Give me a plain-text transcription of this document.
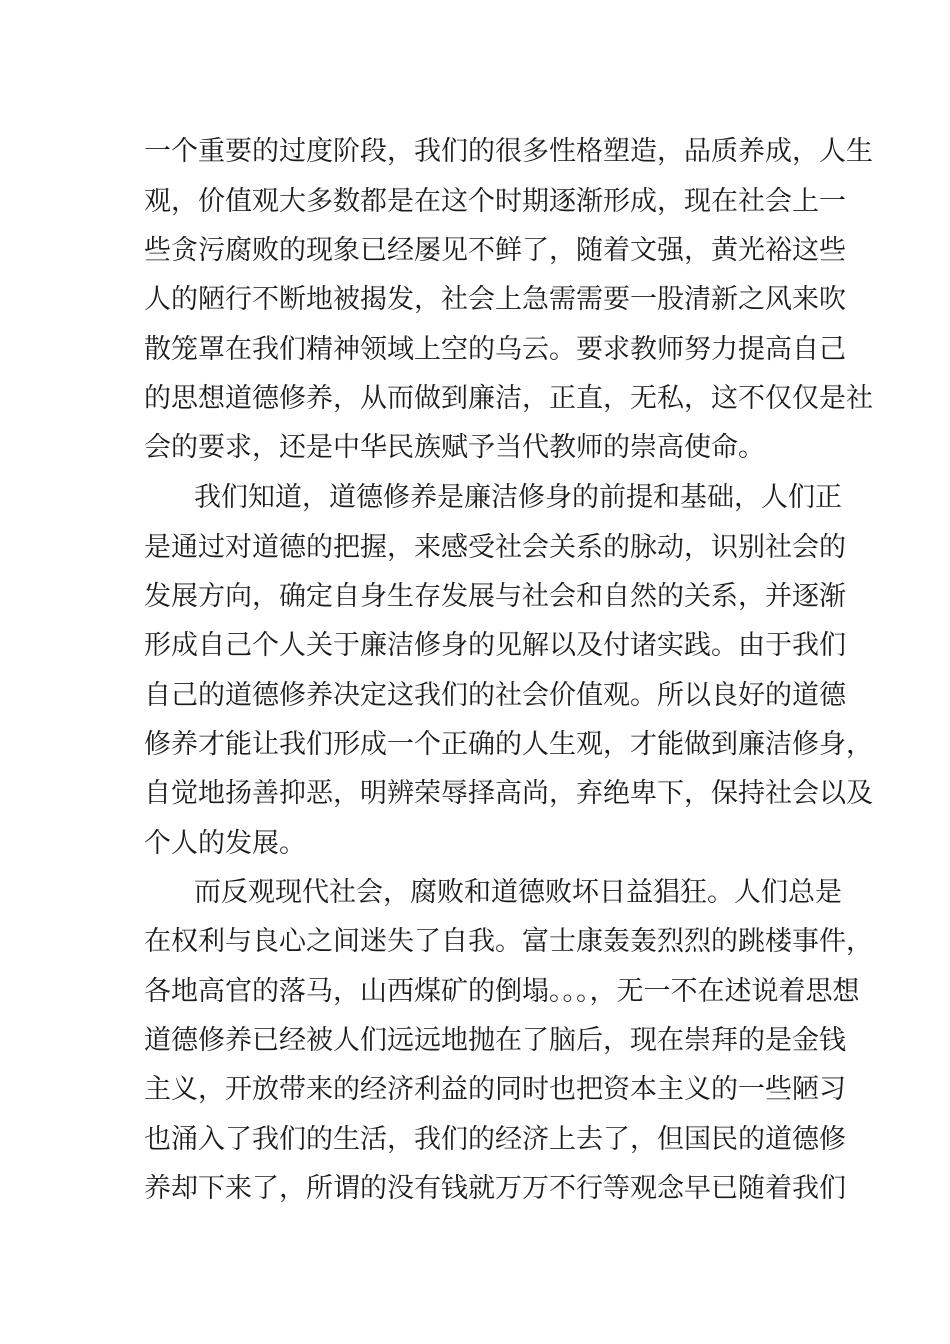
一个重要的过度阶段，我们的很多性格塑造，品质养成，人生
观，价值观大多数都是在这个时期逐渐形成，现在社会上一
些贪污腐败的现象已经屡见不鲜了，随着文强，黄光裕这些
人的陋行不断地被揭发，社会上急需需要一股清新之风来吹
散笼罩在我们精神领域上空的乌云。要求教师努力提高自己
的思想道德修养，从而做到廉洁，正直，无私，这不仅仅是社
会的要求，还是中华民族赋予当代教师的崇高使命。
我们知道，道德修养是廉洁修身的前提和基础，人们正
是通过对道德的把握，来感受社会关系的脉动，识别社会的
发展方向，确定自身生存发展与社会和自然的关系，并逐渐
形成自己个人关于廉洁修身的见解以及付诸实践。由于我们
自己的道德修养决定这我们的社会价值观。所以良好的道德
修养才能让我们形成一个正确的人生观，才能做到廉洁修身，
自觉地扬善抑恶，明辨荣辱择高尚，弃绝卑下，保持社会以及
个人的发展。
而反观现代社会，腐败和道德败坏日益猖狂。人们总是
在权利与良心之间迷失了自我。富士康轰轰烈烈的跳楼事件，
各地高官的落马，山西煤矿的倒塌。。。，无一不在述说着思想
道德修养已经被人们远远地抛在了脑后，现在崇拜的是金钱
主义，开放带来的经济利益的同时也把资本主义的一些陋习
也涌入了我们的生活，我们的经济上去了，但国民的道德修
养却下来了，所谓的没有钱就万万不行等观念早已随着我们
